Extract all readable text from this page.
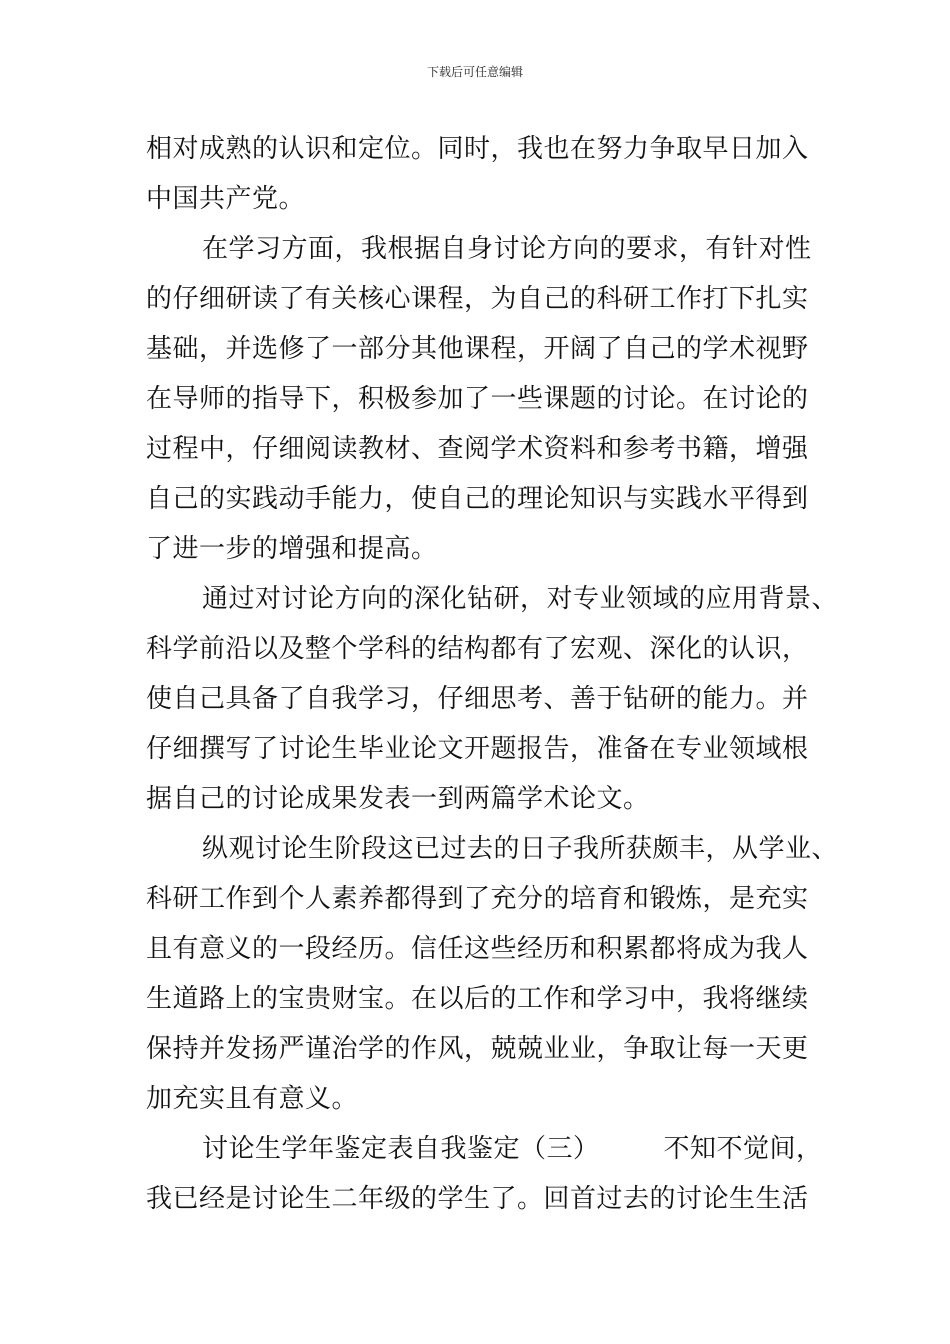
下载后可任意编辑
相对成熟的认识和定位。同时，我也在努力争取早日加入
中国共产党。
在学习方面，我根据自身讨论方向的要求，有针对性
的仔细研读了有关核心课程，为自己的科研工作打下扎实
基础，并选修了一部分其他课程，开阔了自己的学术视野
在导师的指导下，积极参加了一些课题的讨论。在讨论的
过程中，仔细阅读教材、查阅学术资料和参考书籍，增强
自己的实践动手能力，使自己的理论知识与实践水平得到
了进一步的增强和提高。
通过对讨论方向的深化钻研，对专业领域的应用背景、
科学前沿以及整个学科的结构都有了宏观、深化的认识，
使自己具备了自我学习，仔细思考、善于钻研的能力。并
仔细撰写了讨论生毕业论文开题报告，准备在专业领域根
据自己的讨论成果发表一到两篇学术论文。
纵观讨论生阶段这已过去的日子我所获颇丰，从学业、
科研工作到个人素养都得到了充分的培育和锻炼，是充实
且有意义的一段经历。信任这些经历和积累都将成为我人
生道路上的宝贵财宝。在以后的工作和学习中，我将继续
保持并发扬严谨治学的作风，兢兢业业，争取让每一天更
加充实且有意义。
讨论生学年鉴定表自我鉴定（三） 不知不觉间，
我已经是讨论生二年级的学生了。回首过去的讨论生生活
